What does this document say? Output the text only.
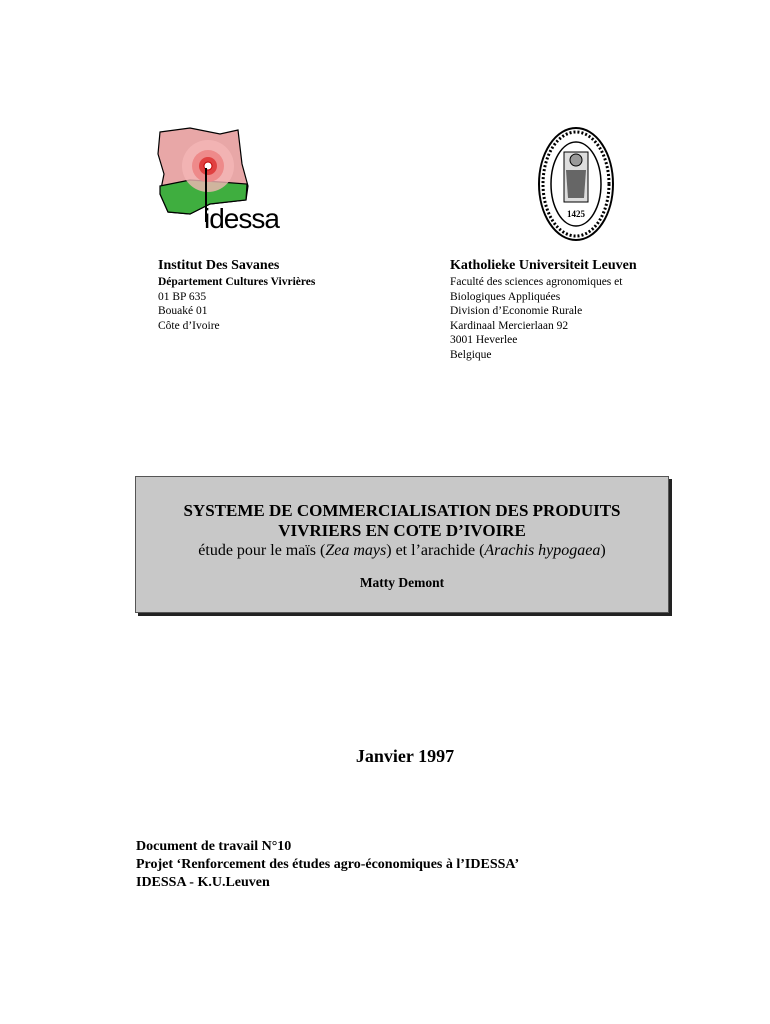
idessa	1425
Institut Des Savanes
Département Cultures Vivrières
01 BP 635
Bouaké 01
Côte d’Ivoire
Katholieke Universiteit Leuven
Faculté des sciences agronomiques et
Biologiques Appliquées
Division d’Economie Rurale
Kardinaal Mercierlaan 92
3001 Heverlee
Belgique
SYSTEME DE COMMERCIALISATION DES PRODUITS
VIVRIERS EN COTE D’IVOIRE
étude pour le maïs (Zea mays) et l’arachide (Arachis hypogaea)
Matty Demont
Janvier 1997
Document de travail N°10
Projet ‘Renforcement des études agro-économiques à l’IDESSA’
IDESSA - K.U.Leuven
